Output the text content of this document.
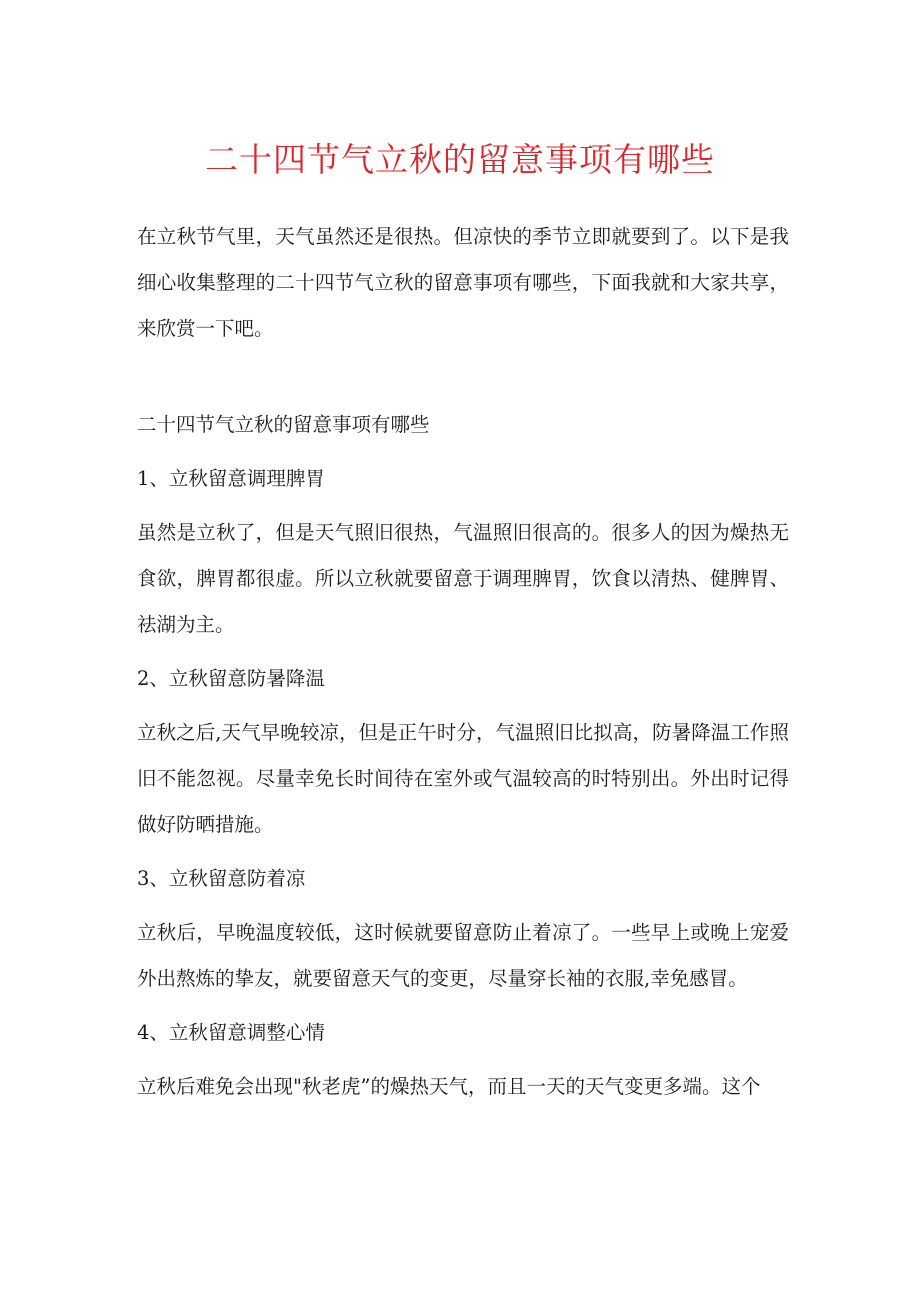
二十四节气立秋的留意事项有哪些

在立秋节气里，天气虽然还是很热。但凉快的季节立即就要到了。以下是我细心收集整理的二十四节气立秋的留意事项有哪些，下面我就和大家共享，来欣赏一下吧。

二十四节气立秋的留意事项有哪些

1、立秋留意调理脾胃

虽然是立秋了，但是天气照旧很热，气温照旧很高的。很多人的因为燥热无食欲，脾胃都很虚。所以立秋就要留意于调理脾胃，饮食以清热、健脾胃、祛湖为主。

2、立秋留意防暑降温

立秋之后,天气早晚较凉，但是正午时分，气温照旧比拟高，防暑降温工作照旧不能忽视。尽量幸免长时间待在室外或气温较高的时特别出。外出时记得做好防晒措施。

3、立秋留意防着凉

立秋后，早晚温度较低，这时候就要留意防止着凉了。一些早上或晚上宠爱外出熬炼的挚友，就要留意天气的变更，尽量穿长袖的衣服,幸免感冒。

4、立秋留意调整心情

立秋后难免会出现"秋老虎”的燥热天气，而且一天的天气变更多端。这个
